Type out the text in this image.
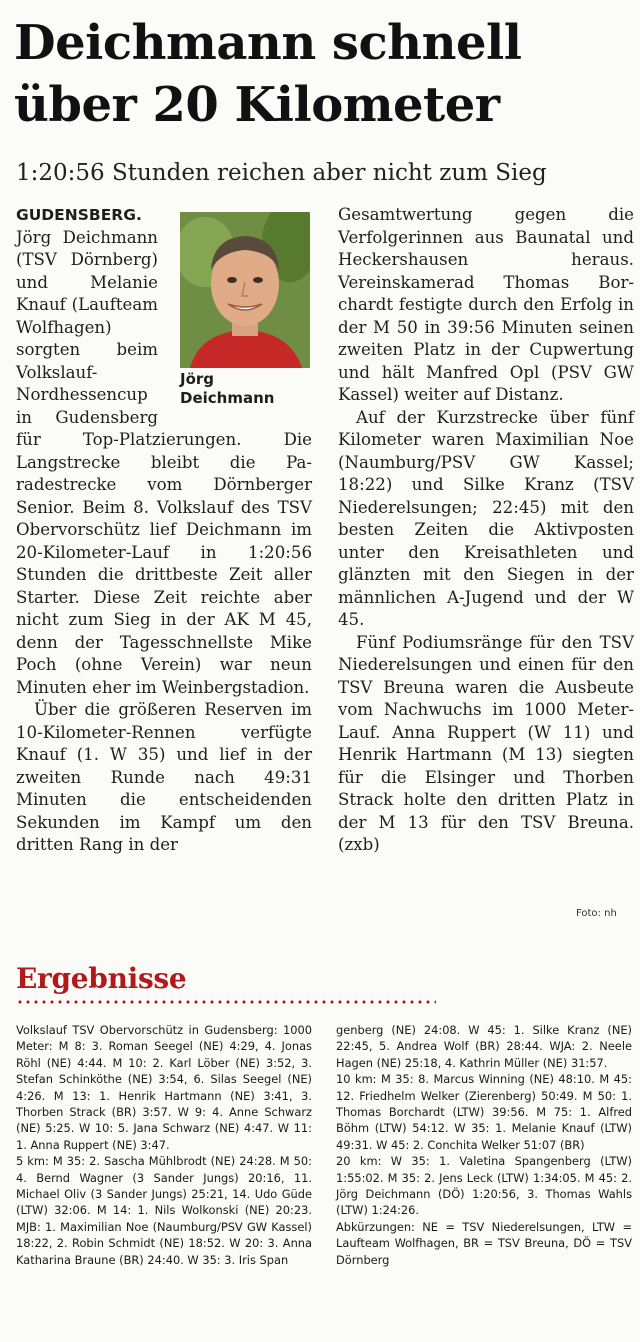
Deichmann schnell
über 20 Kilometer
1:20:56 Stunden reichen aber nicht zum Sieg
Jörg
Deichmann

GUDENSBERG. Jörg Deichmann (TSV Dörnberg) und Melanie Knauf (Laufteam Wolfhagen) sorgten beim Volkslauf-Nordhessencup in Gudensberg für Top-Platzierungen. Die Langstrecke bleibt die Paradestrecke vom Dörnberger Senior. Beim 8. Volkslauf des TSV Obervorschütz lief Deichmann im 20-Kilometer-Lauf in 1:20:56 Stunden die drittbeste Zeit aller Starter. Diese Zeit reichte aber nicht zum Sieg in der AK M 45, denn der Tagesschnellste Mike Poch (ohne Verein) war neun Minuten eher im Weinbergstadion.

Über die größeren Reserven im 10-Kilometer-Rennen verfügte Knauf (1. W 35) und lief in der zweiten Runde nach 49:31 Minuten die entscheidenden Sekunden im Kampf um den dritten Rang in der

Gesamtwertung gegen die Verfolgerinnen aus Baunatal und Heckershausen heraus. Vereinskamerad Thomas Borchardt festigte durch den Erfolg in der M 50 in 39:56 Minuten seinen zweiten Platz in der Cupwertung und hält Manfred Opl (PSV GW Kassel) weiter auf Distanz.

Auf der Kurzstrecke über fünf Kilometer waren Maximilian Noe (Naumburg/PSV GW Kassel; 18:22) und Silke Kranz (TSV Niederelsungen; 22:45) mit den besten Zeiten die Aktivposten unter den Kreisathleten und glänzten mit den Siegen in der männlichen A-Jugend und der W 45.

Fünf Podiumsränge für den TSV Niederelsungen und einen für den TSV Breuna waren die Ausbeute vom Nachwuchs im 1000 Meter-Lauf. Anna Ruppert (W 11) und Henrik Hartmann (M 13) siegten für die Elsinger und Thorben Strack holte den dritten Platz in der M 13 für den TSV Breuna. (zxb)

Foto: nh
Ergebnisse

Volkslauf TSV Obervorschütz in Gudensberg: 1000 Meter: M 8: 3. Roman Seegel (NE) 4:29, 4. Jonas Röhl (NE) 4:44. M 10: 2. Karl Löber (NE) 3:52, 3. Stefan Schinköthe (NE) 3:54, 6. Silas Seegel (NE) 4:26. M 13: 1. Henrik Hartmann (NE) 3:41, 3. Thorben Strack (BR) 3:57. W 9: 4. Anne Schwarz (NE) 5:25. W 10: 5. Jana Schwarz (NE) 4:47. W 11: 1. Anna Ruppert (NE) 3:47.

5 km: M 35: 2. Sascha Mühlbrodt (NE) 24:28. M 50: 4. Bernd Wagner (3 Sander Jungs) 20:16, 11. Michael Oliv (3 Sander Jungs) 25:21, 14. Udo Güde (LTW) 32:06. M 14: 1. Nils Wolkonski (NE) 20:23. MJB: 1. Maximilian Noe (Naumburg/PSV GW Kassel) 18:22, 2. Robin Schmidt (NE) 18:52. W 20: 3. Anna Katharina Braune (BR) 24:40. W 35: 3. Iris Span

genberg (NE) 24:08. W 45: 1. Silke Kranz (NE) 22:45, 5. Andrea Wolf (BR) 28:44. WJA: 2. Neele Hagen (NE) 25:18, 4. Kathrin Müller (NE) 31:57.

10 km: M 35: 8. Marcus Winning (NE) 48:10. M 45: 12. Friedhelm Welker (Zierenberg) 50:49. M 50: 1. Thomas Borchardt (LTW) 39:56. M 75: 1. Alfred Böhm (LTW) 54:12. W 35: 1. Melanie Knauf (LTW) 49:31. W 45: 2. Conchita Welker 51:07 (BR)

20 km: W 35: 1. Valetina Spangenberg (LTW) 1:55:02. M 35: 2. Jens Leck (LTW) 1:34:05. M 45: 2. Jörg Deichmann (DÖ) 1:20:56, 3. Thomas Wahls (LTW) 1:24:26.

Abkürzungen: NE = TSV Niederelsungen, LTW = Laufteam Wolfhagen, BR = TSV Breuna, DÖ = TSV Dörnberg
